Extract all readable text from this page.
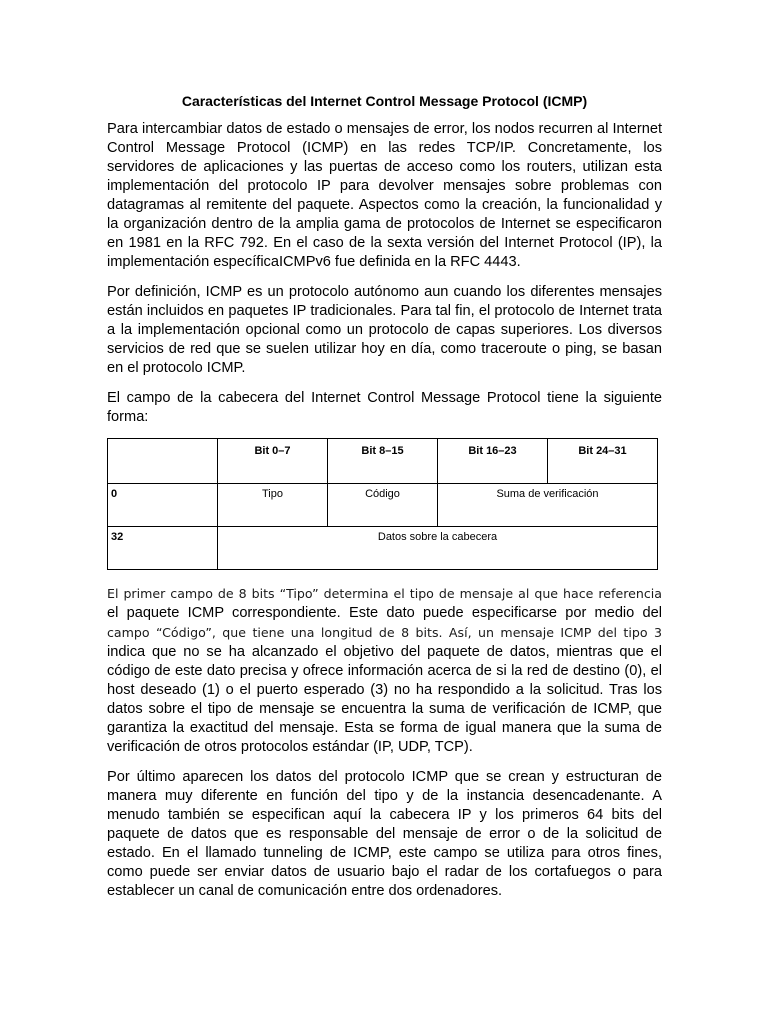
Características del Internet Control Message Protocol (ICMP)

Para intercambiar datos de estado o mensajes de error, los nodos recurren al Internet Control Message Protocol (ICMP) en las redes TCP/IP. Concretamente, los servidores de aplicaciones y las puertas de acceso como los routers, utilizan esta implementación del protocolo IP para devolver mensajes sobre problemas con datagramas al remitente del paquete. Aspectos como la creación, la funcionalidad y la organización dentro de la amplia gama de protocolos de Internet se especificaron en 1981 en la RFC 792. En el caso de la sexta versión del Internet Protocol (IP), la implementación específicaICMPv6 fue definida en la RFC 4443.

Por definición, ICMP es un protocolo autónomo aun cuando los diferentes mensajes están incluidos en paquetes IP tradicionales. Para tal fin, el protocolo de Internet trata a la implementación opcional como un protocolo de capas superiores. Los diversos servicios de red que se suelen utilizar hoy en día, como traceroute o ping, se basan en el protocolo ICMP.

El campo de la cabecera del Internet Control Message Protocol tiene la siguiente forma:

	Bit 0–7	Bit 8–15	Bit 16–23	Bit 24–31
0	Tipo	Código	Suma de verificación	
32	Datos sobre la cabecera			

El primer campo de 8 bits “Tipo” determina el tipo de mensaje al que hace referencia el paquete ICMP correspondiente. Este dato puede especificarse por medio del campo “Código”, que tiene una longitud de 8 bits. Así, un mensaje ICMP del tipo 3 indica que no se ha alcanzado el objetivo del paquete de datos, mientras que el código de este dato precisa y ofrece información acerca de si la red de destino (0), el host deseado (1) o el puerto esperado (3) no ha respondido a la solicitud. Tras los datos sobre el tipo de mensaje se encuentra la suma de verificación de ICMP, que garantiza la exactitud del mensaje. Esta se forma de igual manera que la suma de verificación de otros protocolos estándar (IP, UDP, TCP).

Por último aparecen los datos del protocolo ICMP que se crean y estructuran de manera muy diferente en función del tipo y de la instancia desencadenante. A menudo también se especifican aquí la cabecera IP y los primeros 64 bits del paquete de datos que es responsable del mensaje de error o de la solicitud de estado. En el llamado tunneling de ICMP, este campo se utiliza para otros fines, como puede ser enviar datos de usuario bajo el radar de los cortafuegos o para establecer un canal de comunicación entre dos ordenadores.
